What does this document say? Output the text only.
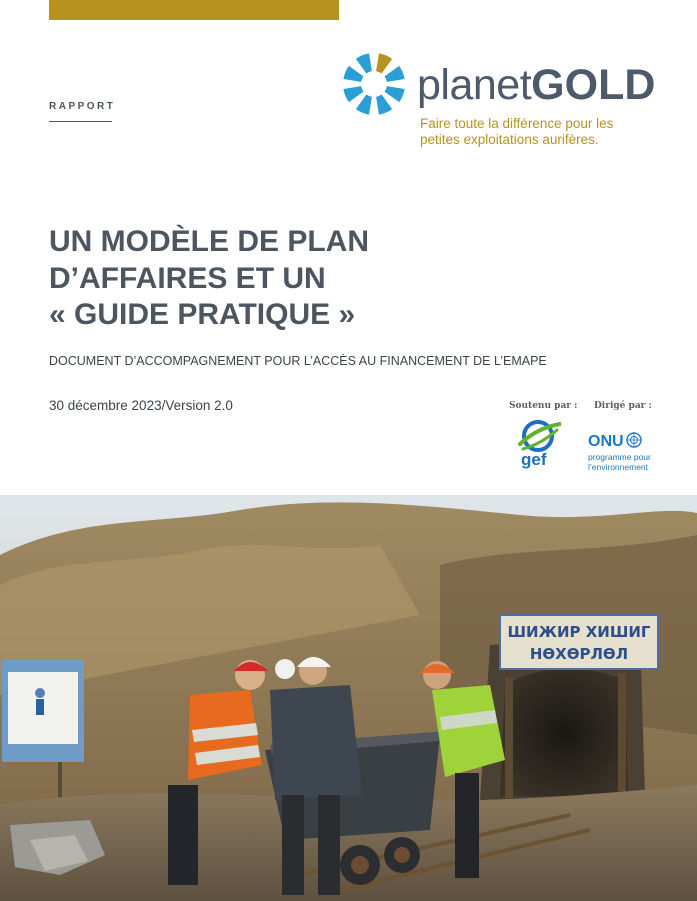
RAPPORT	planetGOLD
Faire toute la différence pour les
petites exploitations aurifères.
UN MODÈLE DE PLAN
D’AFFAIRES ET UN
« GUIDE PRATIQUE »
DOCUMENT D’ACCOMPAGNEMENT POUR L’ACCÈS AU FINANCEMENT DE L’EMAPE
30 décembre 2023/Version 2.0	Soutenu par : Dirigé par :
gef
ONU
programme pour
l’environnement
ШИЖИР ХИШИГ
НӨХӨРЛӨЛ
